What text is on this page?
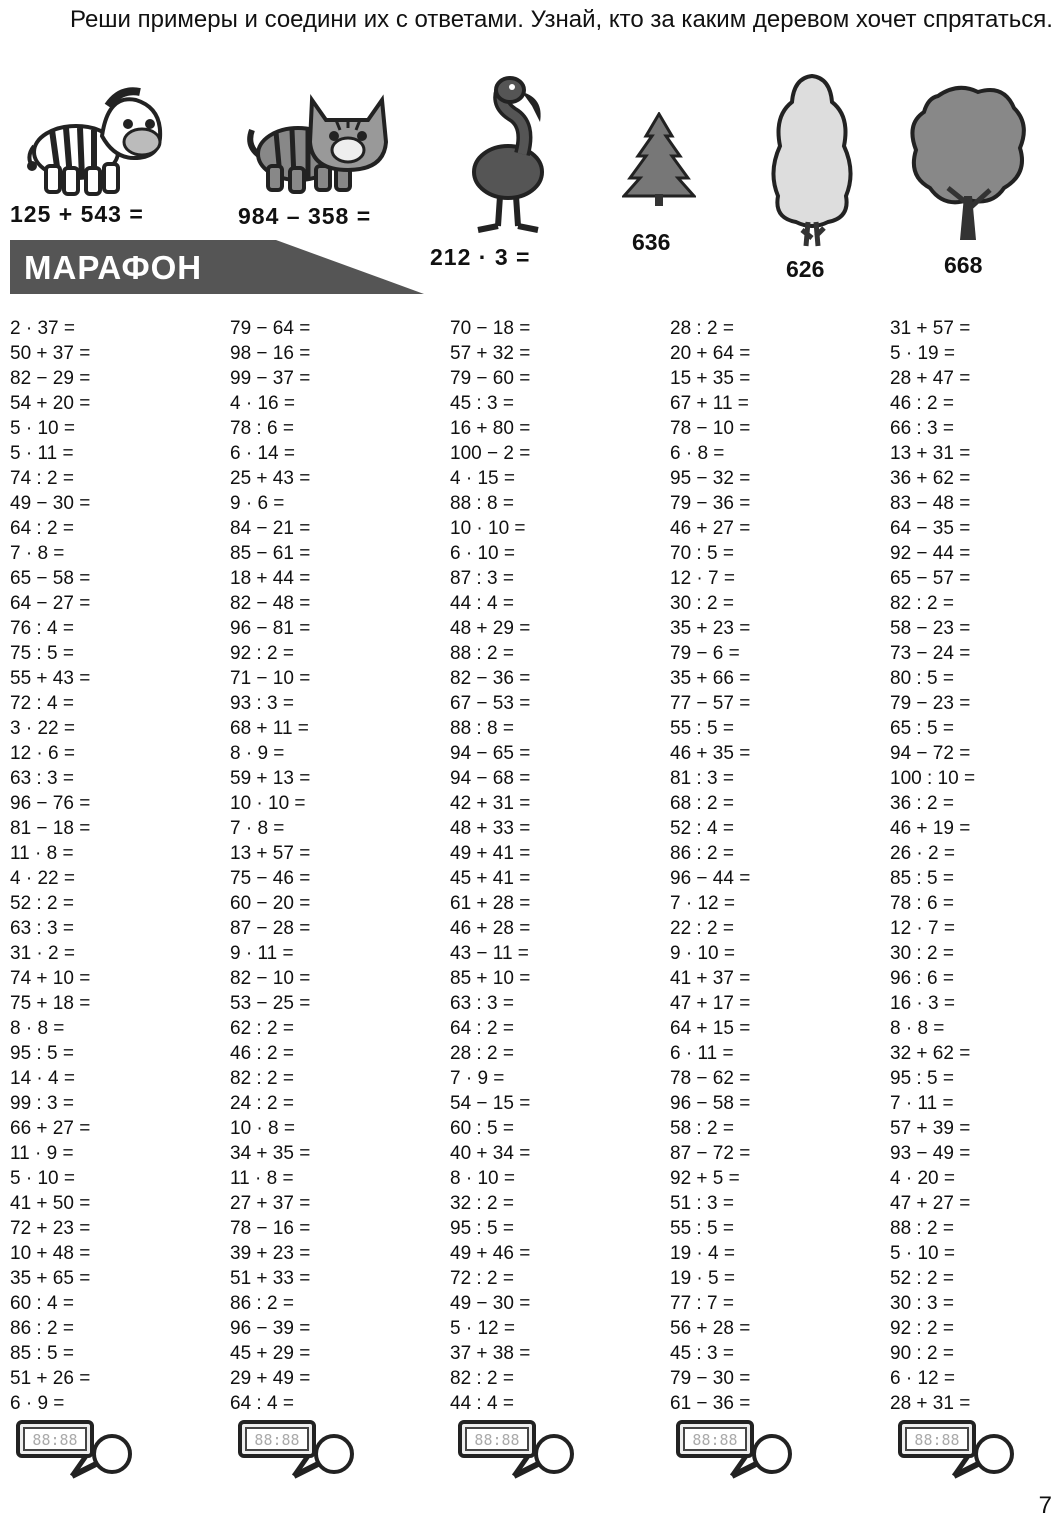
Реши примеры и соедини их с ответами. Узнай, кто за каким деревом хочет спрятаться.

125 + 543 =	984 – 358 =
212 · 3 =
636
626	668
МАРАФОН
2 · 37 =
50 + 37 =
82 − 29 =
54 + 20 =
5 · 10 =
5 · 11 =
74 : 2 =
49 − 30 =
64 : 2 =
7 · 8 =
65 − 58 =
64 − 27 =
76 : 4 =
75 : 5 =
55 + 43 =
72 : 4 =
3 · 22 =
12 · 6 =
63 : 3 =
96 − 76 =
81 − 18 =
11 · 8 =
4 · 22 =
52 : 2 =
63 : 3 =
31 · 2 =
74 + 10 =
75 + 18 =
8 · 8 =
95 : 5 =
14 · 4 =
99 : 3 =
66 + 27 =
11 · 9 =
5 · 10 =
41 + 50 =
72 + 23 =
10 + 48 =
35 + 65 =
60 : 4 =
86 : 2 =
85 : 5 =
51 + 26 =
6 · 9 =
79 − 64 =
98 − 16 =
99 − 37 =
4 · 16 =
78 : 6 =
6 · 14 =
25 + 43 =
9 · 6 =
84 − 21 =
85 − 61 =
18 + 44 =
82 − 48 =
96 − 81 =
92 : 2 =
71 − 10 =
93 : 3 =
68 + 11 =
8 · 9 =
59 + 13 =
10 · 10 =
7 · 8 =
13 + 57 =
75 − 46 =
60 − 20 =
87 − 28 =
9 · 11 =
82 − 10 =
53 − 25 =
62 : 2 =
46 : 2 =
82 : 2 =
24 : 2 =
10 · 8 =
34 + 35 =
11 · 8 =
27 + 37 =
78 − 16 =
39 + 23 =
51 + 33 =
86 : 2 =
96 − 39 =
45 + 29 =
29 + 49 =
64 : 4 =
70 − 18 =
57 + 32 =
79 − 60 =
45 : 3 =
16 + 80 =
100 − 2 =
4 · 15 =
88 : 8 =
10 · 10 =
6 · 10 =
87 : 3 =
44 : 4 =
48 + 29 =
88 : 2 =
82 − 36 =
67 − 53 =
88 : 8 =
94 − 65 =
94 − 68 =
42 + 31 =
48 + 33 =
49 + 41 =
45 + 41 =
61 + 28 =
46 + 28 =
43 − 11 =
85 + 10 =
63 : 3 =
64 : 2 =
28 : 2 =
7 · 9 =
54 − 15 =
60 : 5 =
40 + 34 =
8 · 10 =
32 : 2 =
95 : 5 =
49 + 46 =
72 : 2 =
49 − 30 =
5 · 12 =
37 + 38 =
82 : 2 =
44 : 4 =
28 : 2 =
20 + 64 =
15 + 35 =
67 + 11 =
78 − 10 =
6 · 8 =
95 − 32 =
79 − 36 =
46 + 27 =
70 : 5 =
12 · 7 =
30 : 2 =
35 + 23 =
79 − 6 =
35 + 66 =
77 − 57 =
55 : 5 =
46 + 35 =
81 : 3 =
68 : 2 =
52 : 4 =
86 : 2 =
96 − 44 =
7 · 12 =
22 : 2 =
9 · 10 =
41 + 37 =
47 + 17 =
64 + 15 =
6 · 11 =
78 − 62 =
96 − 58 =
58 : 2 =
87 − 72 =
92 + 5 =
51 : 3 =
55 : 5 =
19 · 4 =
19 · 5 =
77 : 7 =
56 + 28 =
45 : 3 =
79 − 30 =
61 − 36 =
31 + 57 =
5 · 19 =
28 + 47 =
46 : 2 =
66 : 3 =
13 + 31 =
36 + 62 =
83 − 48 =
64 − 35 =
92 − 44 =
65 − 57 =
82 : 2 =
58 − 23 =
73 − 24 =
80 : 5 =
79 − 23 =
65 : 5 =
94 − 72 =
100 : 10 =
36 : 2 =
46 + 19 =
26 · 2 =
85 : 5 =
78 : 6 =
12 · 7 =
30 : 2 =
96 : 6 =
16 · 3 =
8 · 8 =
32 + 62 =
95 : 5 =
7 · 11 =
57 + 39 =
93 − 49 =
4 · 20 =
47 + 27 =
88 : 2 =
5 · 10 =
52 : 2 =
30 : 3 =
92 : 2 =
90 : 2 =
6 · 12 =
28 + 31 =
88:88	88:88	88:88	88:88	88:88
7
